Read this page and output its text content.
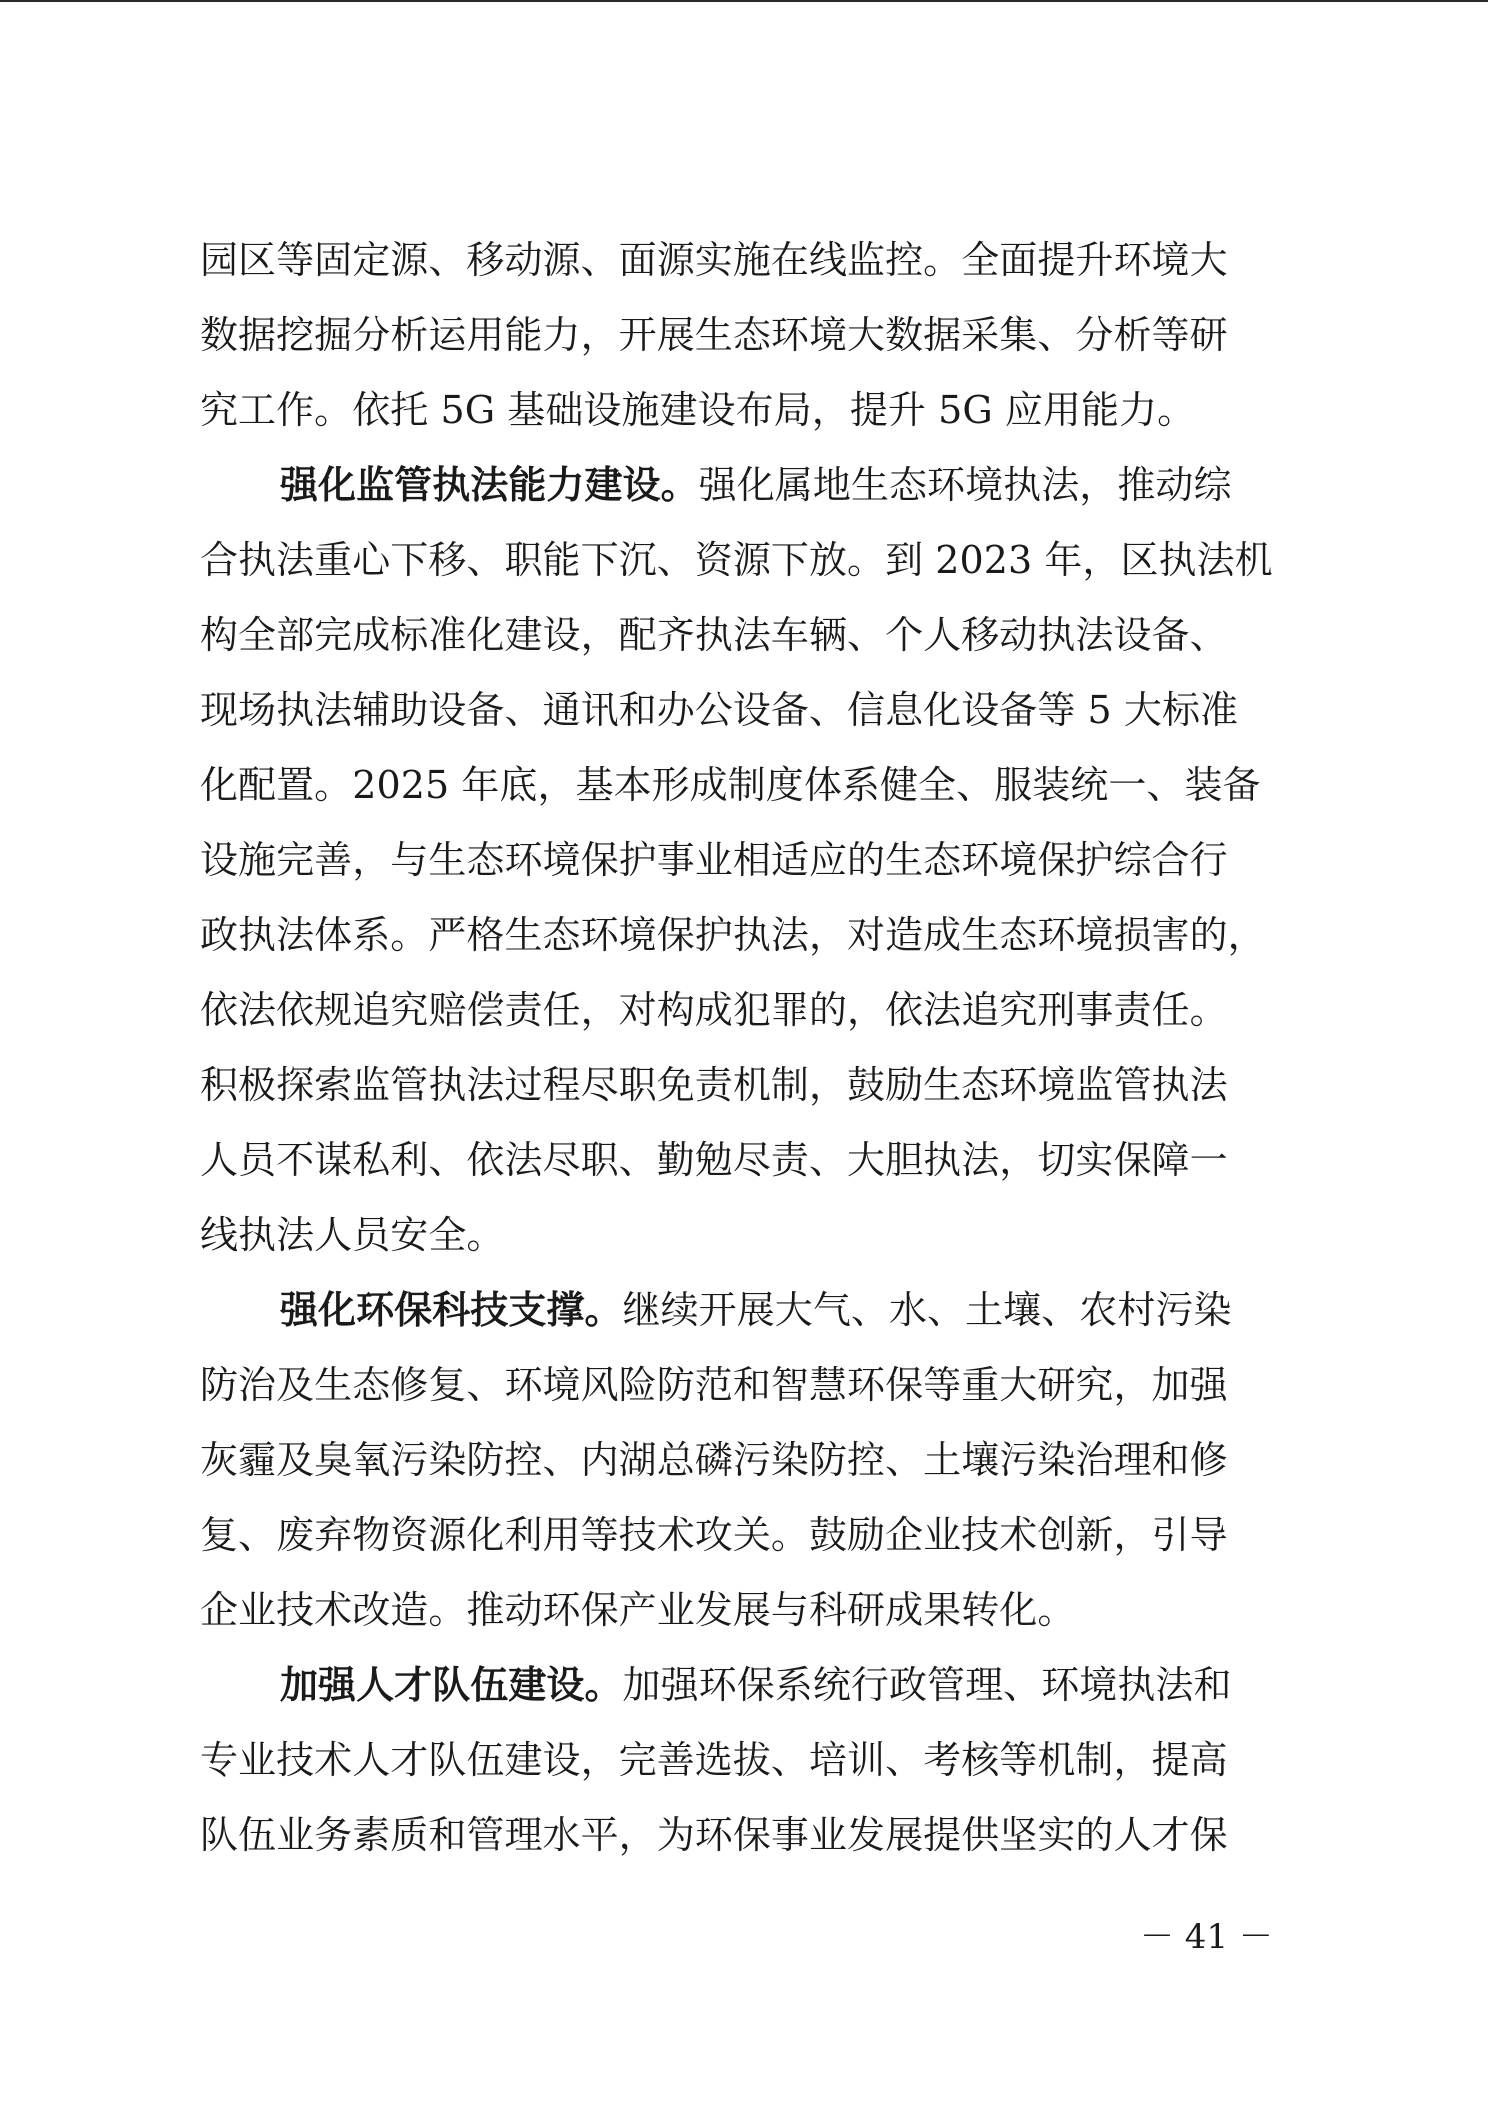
园区等固定源、移动源、面源实施在线监控。全面提升环境大
数据挖掘分析运用能力，开展生态环境大数据采集、分析等研
究工作。依托 5G 基础设施建设布局，提升 5G 应用能力。
强化监管执法能力建设。强化属地生态环境执法，推动综
合执法重心下移、职能下沉、资源下放。到 2023 年，区执法机
构全部完成标准化建设，配齐执法车辆、个人移动执法设备、
现场执法辅助设备、通讯和办公设备、信息化设备等 5 大标准
化配置。2025 年底，基本形成制度体系健全、服装统一、装备
设施完善，与生态环境保护事业相适应的生态环境保护综合行
政执法体系。严格生态环境保护执法，对造成生态环境损害的，
依法依规追究赔偿责任，对构成犯罪的，依法追究刑事责任。
积极探索监管执法过程尽职免责机制，鼓励生态环境监管执法
人员不谋私利、依法尽职、勤勉尽责、大胆执法，切实保障一
线执法人员安全。
强化环保科技支撑。继续开展大气、水、土壤、农村污染
防治及生态修复、环境风险防范和智慧环保等重大研究，加强
灰霾及臭氧污染防控、内湖总磷污染防控、土壤污染治理和修
复、废弃物资源化利用等技术攻关。鼓励企业技术创新，引导
企业技术改造。推动环保产业发展与科研成果转化。
加强人才队伍建设。加强环保系统行政管理、环境执法和
专业技术人才队伍建设，完善选拔、培训、考核等机制，提高
队伍业务素质和管理水平，为环保事业发展提供坚实的人才保
－ 41 －
